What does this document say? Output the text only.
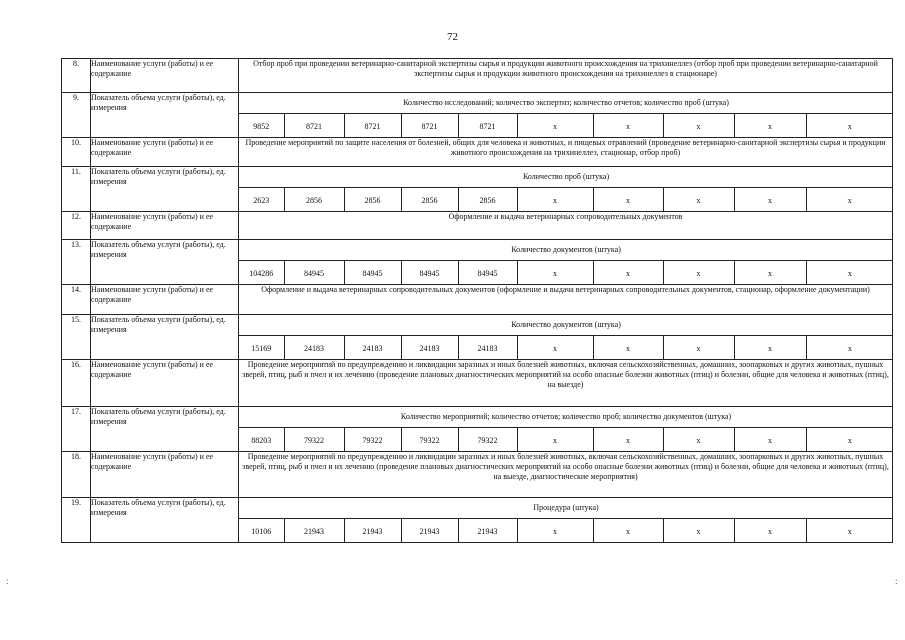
72
8.	Наименование услуги (работы) и ее содержание	Отбор проб при проведении ветеринарно-санитарной экспертизы сырья и продукции животного происхождения на трихинеллез (отбор проб при проведении ветеринарно-санитарной экспертизы сырья и продукции животного происхождения на трихинеллез в стационаре)
9.	Показатель объема услуги (работы), ед. измерения		Количество исследований; количество экспертиз; количество отчетов; количество проб (штука)
9852	8721	8721	8721	8721	x	x	x	x	x

10.	Наименование услуги (работы) и ее содержание	Проведение мероприятий по защите населения от болезней, общих для человека и животных, и пищевых отравлений (проведение ветеринарно-санитарной экспертизы сырья и продукции животного происхождения на трихинеллез, стационар, отбор проб)
11.	Показатель объема услуги (работы), ед. измерения		Количество проб (штука)
2623	2856	2856	2856	2856	x	x	x	x	x

12.	Наименование услуги (работы) и ее содержание	Оформление и выдача ветеринарных сопроводительных документов
13.	Показатель объема услуги (работы), ед. измерения		Количество документов (штука)
104286	84945	84945	84945	84945	x	x	x	x	x

14.	Наименование услуги (работы) и ее содержание	Оформление и выдача ветеринарных сопроводительных документов (оформление и выдача ветеринарных сопроводительных документов, стационар, оформление документации)
15.	Показатель объема услуги (работы), ед. измерения		Количество документов (штука)
15169	24183	24183	24183	24183	x	x	x	x	x

16.	Наименование услуги (работы) и ее содержание	Проведение мероприятий по предупреждению и ликвидации заразных и иных болезней животных, включая сельскохозяйственных, домашних, зоопарковых и других животных, пушных зверей, птиц, рыб и пчел и их лечению (проведение плановых диагностических мероприятий на особо опасные болезни животных (птиц) и болезни, общие для человека и животных (птиц), на выезде)
17.	Показатель объема услуги (работы), ед. измерения		Количество мероприятий; количество отчетов; количество проб; количество документов (штука)
88203	79322	79322	79322	79322	x	x	x	x	x

18.	Наименование услуги (работы) и ее содержание	Проведение мероприятий по предупреждению и ликвидации заразных и иных болезней животных, включая сельскохозяйственных, домашних, зоопарковых и других животных, пушных зверей, птиц, рыб и пчел и их лечению (проведение плановых диагностических мероприятий на особо опасные болезни животных (птиц) и болезни, общие для человека и животных (птиц), на выезде, диагностические мероприятия)
19.	Показатель объема услуги (работы), ед. измерения		Процедура (штука)
10106	21943	21943	21943	21943	x	x	x	x	x
:	:
